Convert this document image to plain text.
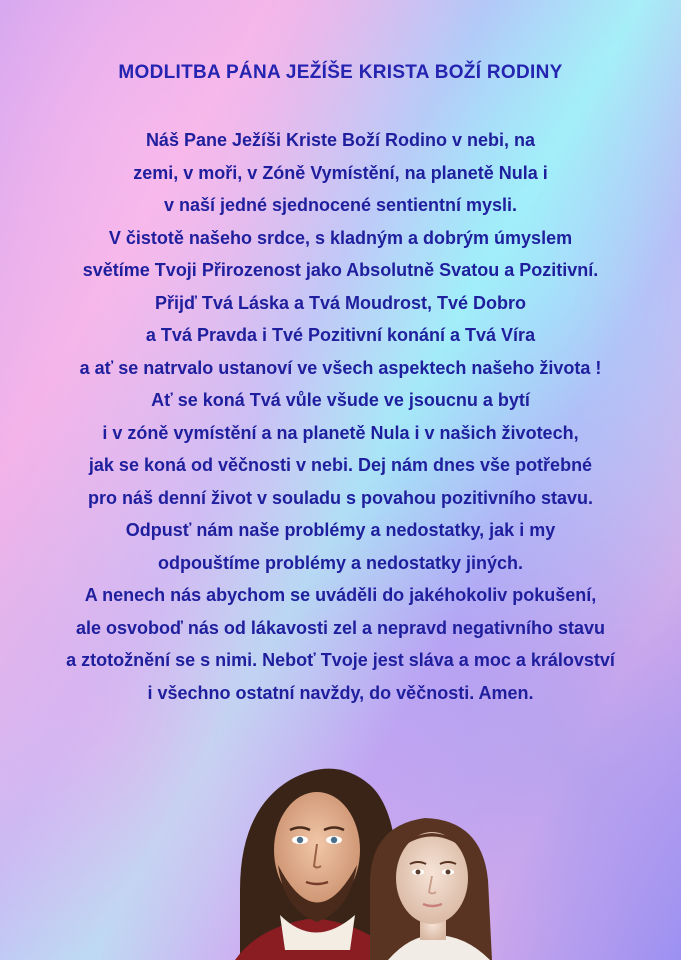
MODLITBA PÁNA JEŽÍŠE KRISTA BOŽÍ RODINY
Náš Pane Ježíši Kriste Boží Rodino v nebi, na
zemi, v moři, v Zóně Vymístění, na planetě Nula i
v naší jedné sjednocené sentientní mysli.
V čistotě našeho srdce, s kladným a dobrým úmyslem
světíme Tvoji Přirozenost jako Absolutně Svatou a Pozitivní.
Přijď Tvá Láska a Tvá Moudrost, Tvé Dobro
a Tvá Pravda i Tvé Pozitivní konání a Tvá Víra
a ať se natrvalo ustanoví ve všech aspektech našeho života !
Ať se koná Tvá vůle všude ve jsoucnu a bytí
i v zóně vymístění a na planetě Nula i v našich životech,
jak se koná od věčnosti v nebi. Dej nám dnes vše potřebné
pro náš denní život v souladu s povahou pozitivního stavu.
Odpusť nám naše problémy a nedostatky, jak i my
odpouštíme problémy a nedostatky jiných.
A nenech nás abychom se uváděli do jakéhokoliv pokušení,
ale osvoboď nás od lákavosti zel a nepravd negativního stavu
a ztotožnění se s nimi. Neboť Tvoje jest sláva a moc a království
i všechno ostatní navždy, do věčnosti. Amen.
